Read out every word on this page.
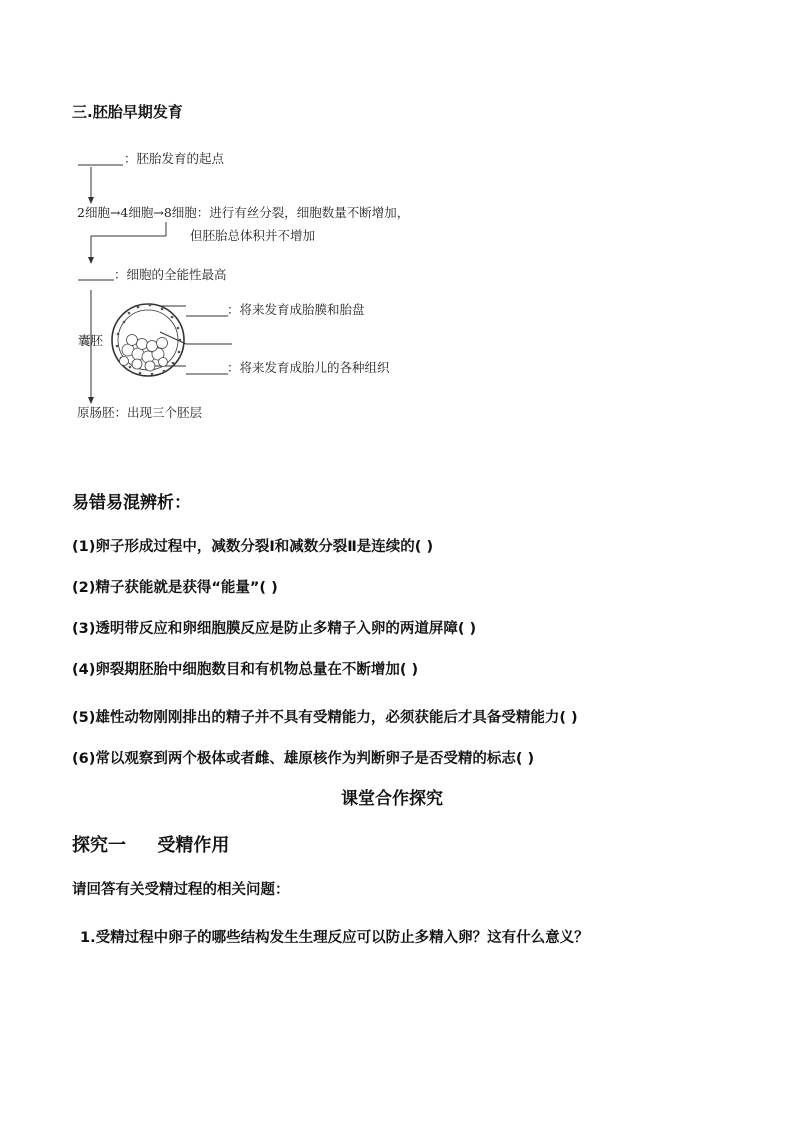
三.胚胎早期发育
：胚胎发育的起点
2细胞→4细胞→8细胞：进行有丝分裂，细胞数量不断增加，
但胚胎总体积并不增加
：细胞的全能性最高
囊胚
：将来发育成胎膜和胎盘
：将来发育成胎儿的各种组织
原肠胚：出现三个胚层
易错易混辨析：
(1)卵子形成过程中，减数分裂Ⅰ和减数分裂Ⅱ是连续的( )
(2)精子获能就是获得“能量”( )
(3)透明带反应和卵细胞膜反应是防止多精子入卵的两道屏障( )
(4)卵裂期胚胎中细胞数目和有机物总量在不断增加( )
(5)雄性动物刚刚排出的精子并不具有受精能力，必须获能后才具备受精能力( )
(6)常以观察到两个极体或者雌、雄原核作为判断卵子是否受精的标志( )
课堂合作探究
探究一     受精作用
请回答有关受精过程的相关问题：
1.受精过程中卵子的哪些结构发生生理反应可以防止多精入卵？这有什么意义？
